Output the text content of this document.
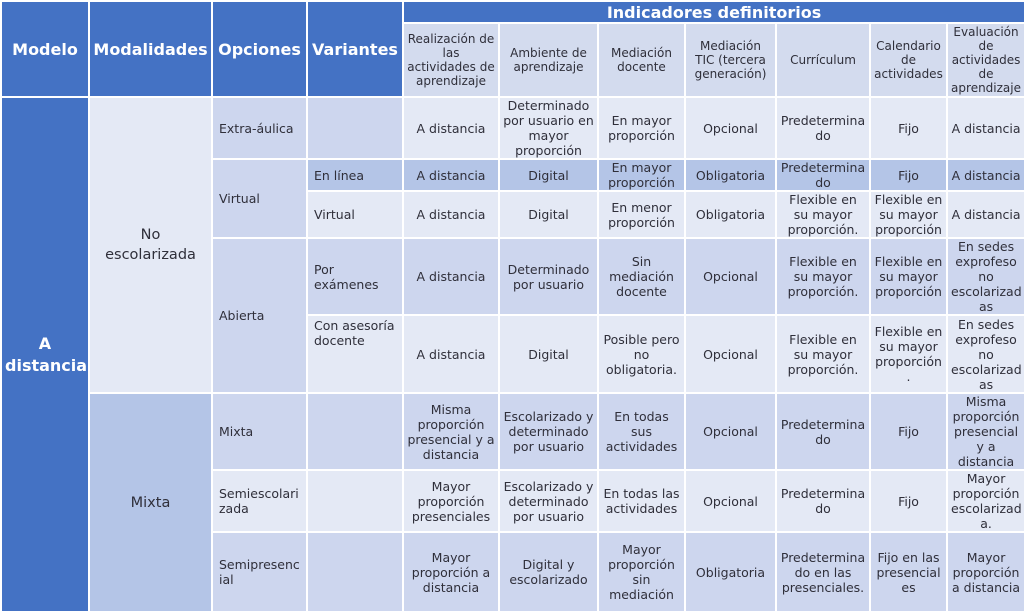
Modelo	Modalidades	Opciones	Variantes	Indicadores definitorios						
				Realización de las actividades de aprendizaje	Ambiente de aprendizaje	Mediación docente	Mediación TIC (tercera generación)	Currículum	Calendario de actividades	Evaluación de actividades de aprendizaje
A distancia	No escolarizada	Extra-áulica		A distancia	Determinado por usuario en mayor proporción	En mayor proporción	Opcional	Predetermina do	Fijo	A distancia
		Virtual	En línea	A distancia	Digital	En mayor proporción	Obligatoria	Predetermina do	Fijo	A distancia
			Virtual	A distancia	Digital	En menor proporción	Obligatoria	Flexible en su mayor proporción.	Flexible en su mayor proporción	A distancia
		Abierta	Por exámenes	A distancia	Determinado por usuario	Sin mediación docente	Opcional	Flexible en su mayor proporción.	Flexible en su mayor proporción	En sedes exprofeso no escolarizad as
			Con asesoría docente	A distancia	Digital	Posible pero no obligatoria.	Opcional	Flexible en su mayor proporción.	Flexible en su mayor proporción .	En sedes exprofeso no escolarizad as
	Mixta	Mixta		Misma proporción presencial y a distancia	Escolarizado y determinado por usuario	En todas sus actividades	Opcional	Predetermina do	Fijo	Misma proporción presencial y a distancia
		Semiescolarizada		Mayor proporción presenciales	Escolarizado y determinado por usuario	En todas las actividades	Opcional	Predetermina do	Fijo	Mayor proporción escolarizad a.
		Semipresencial		Mayor proporción a distancia	Digital y escolarizado	Mayor proporción sin mediación	Obligatoria	Predetermina do en las presenciales.	Fijo en las presencial es	Mayor proporción a distancia
